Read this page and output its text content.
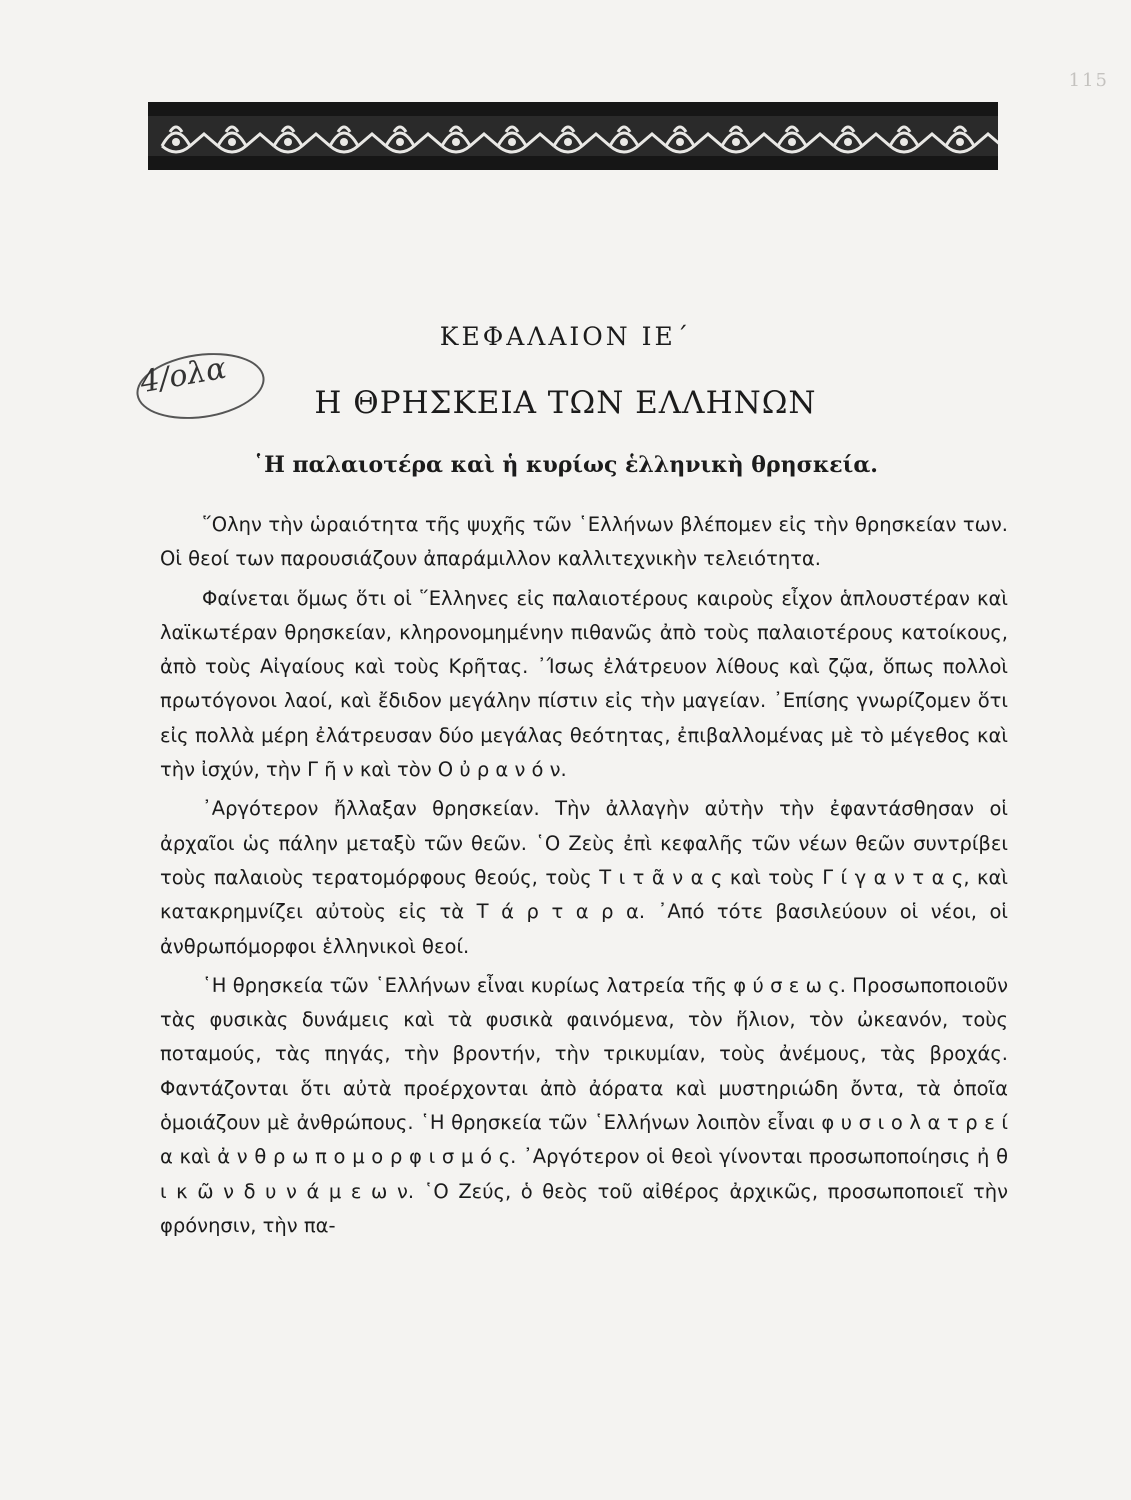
115
4/ολα
ΚΕΦΑΛΑΙΟΝ ΙΕ΄
Η ΘΡΗΣΚΕΙΑ ΤΩΝ ΕΛΛΗΝΩΝ
῾Η παλαιοτέρα καὶ ἡ κυρίως ἑλληνικὴ θρησκεία.

῞Ολην τὴν ὡραιότητα τῆς ψυχῆς τῶν ῾Ελλήνων βλέπομεν εἰς τὴν θρησκείαν των. Οἱ θεοί των παρουσιάζουν ἀπαράμιλλον καλλιτεχνικὴν τελειότητα.

Φαίνεται ὅμως ὅτι οἱ ῞Ελληνες εἰς παλαιοτέρους καιροὺς εἶχον ἁπλουστέραν καὶ λαϊκωτέραν θρησκείαν, κληρονομημένην πιθανῶς ἀπὸ τοὺς παλαιοτέρους κατοίκους, ἀπὸ τοὺς Αἰγαίους καὶ τοὺς Κρῆτας. ᾽Ίσως ἐλάτρευον λίθους καὶ ζῷα, ὅπως πολλοὶ πρωτόγονοι λαοί, καὶ ἔδιδον μεγάλην πίστιν εἰς τὴν μαγείαν. ᾽Επίσης γνωρίζομεν ὅτι εἰς πολλὰ μέρη ἐλάτρευσαν δύο μεγάλας θεότητας, ἐπιβαλλομένας μὲ τὸ μέγεθος καὶ τὴν ἰσχύν, τὴν Γ ῆ ν καὶ τὸν Ο ὐ ρ α ν ό ν.

᾽Αργότερον ἤλλαξαν θρησκείαν. Τὴν ἀλλαγὴν αὐτὴν τὴν ἐφαντάσθησαν οἱ ἀρχαῖοι ὡς πάλην μεταξὺ τῶν θεῶν. ῾Ο Ζεὺς ἐπὶ κεφαλῆς τῶν νέων θεῶν συντρίβει τοὺς παλαιοὺς τερατομόρφους θεούς, τοὺς Τ ι τ ᾶ ν α ς καὶ τοὺς Γ ί γ α ν τ α ς, καὶ κατακρημνίζει αὐτοὺς εἰς τὰ Τ ά ρ τ α ρ α. ᾽Από τότε βασιλεύουν οἱ νέοι, οἱ ἀνθρωπόμορφοι ἑλληνικοὶ θεοί.

῾Η θρησκεία τῶν ῾Ελλήνων εἶναι κυρίως λατρεία τῆς φ ύ σ ε ω ς. Προσωποποιοῦν τὰς φυσικὰς δυνάμεις καὶ τὰ φυσικὰ φαινόμενα, τὸν ἥλιον, τὸν ὠκεανόν, τοὺς ποταμούς, τὰς πηγάς, τὴν βροντήν, τὴν τρικυμίαν, τοὺς ἀνέμους, τὰς βροχάς. Φαντάζονται ὅτι αὐτὰ προέρχονται ἀπὸ ἀόρατα καὶ μυστηριώδη ὄντα, τὰ ὁποῖα ὁμοιάζουν μὲ ἀνθρώπους. ῾Η θρησκεία τῶν ῾Ελλήνων λοιπὸν εἶναι φ υ σ ι ο λ α τ ρ ε ί α καὶ ἀ ν θ ρ ω π ο μ ο ρ φ ι σ μ ό ς. ᾽Αργότερον οἱ θεοὶ γίνονται προσωποποίησις ἠ θ ι κ ῶ ν δ υ ν ά μ ε ω ν. ῾Ο Ζεύς, ὁ θεὸς τοῦ αἰθέρος ἀρχικῶς, προσωποποιεῖ τὴν φρόνησιν, τὴν πα-
